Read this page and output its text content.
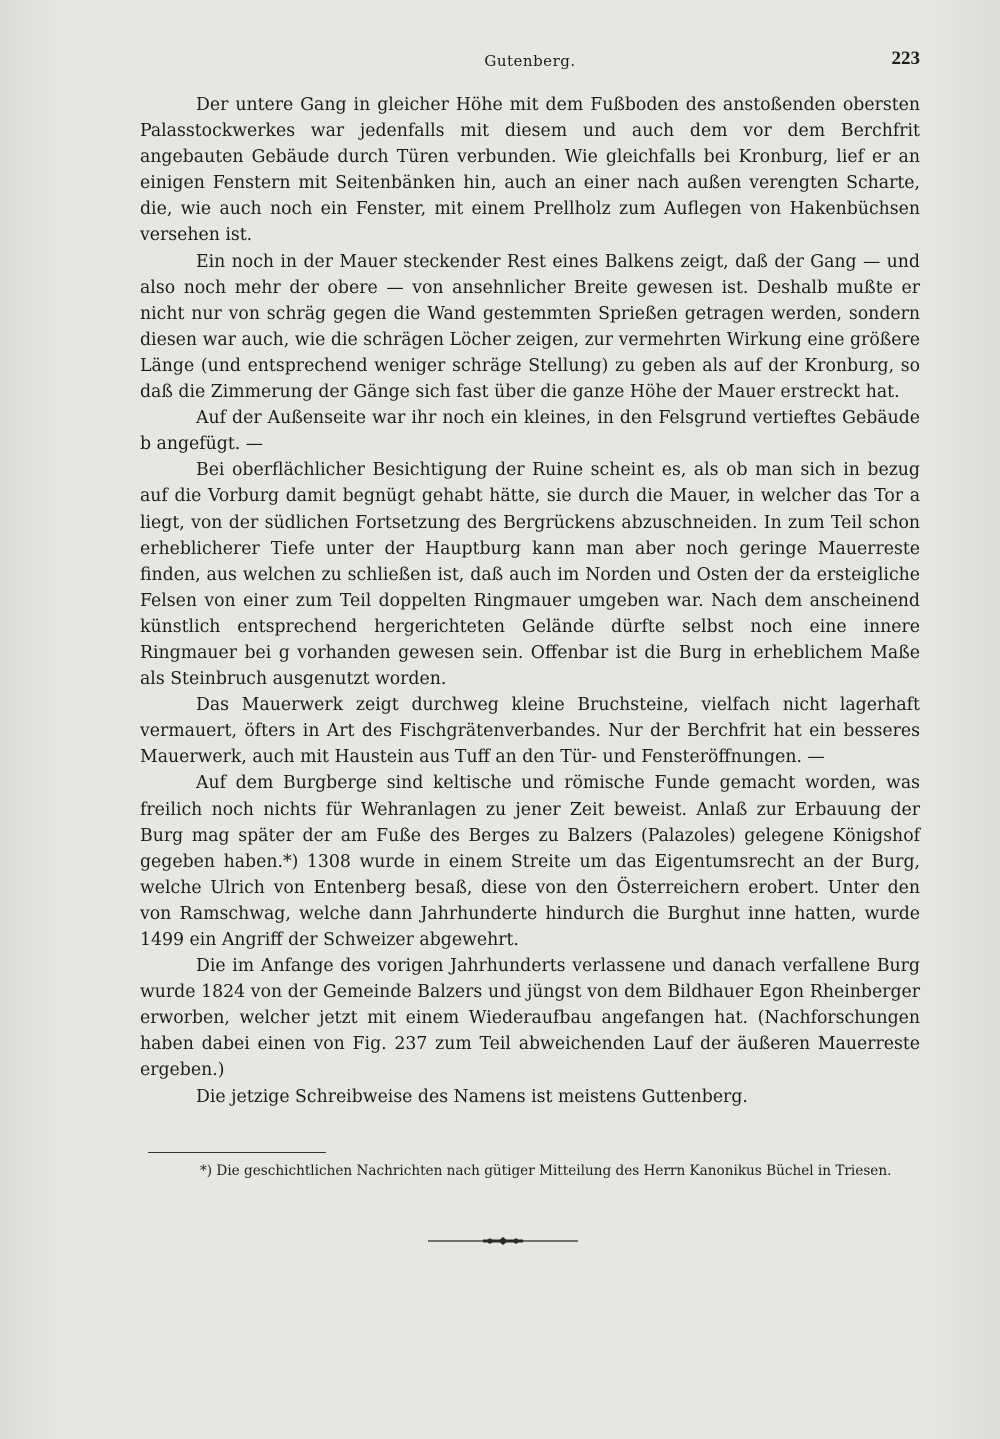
Gutenberg.	223

Der untere Gang in gleicher Höhe mit dem Fußboden des anstoßenden obersten Palasstockwerkes war jedenfalls mit diesem und auch dem vor dem Berchfrit angebauten Gebäude durch Türen verbunden. Wie gleichfalls bei Kronburg, lief er an einigen Fenstern mit Seitenbänken hin, auch an einer nach außen verengten Scharte, die, wie auch noch ein Fenster, mit einem Prellholz zum Auflegen von Hakenbüchsen versehen ist.

Ein noch in der Mauer steckender Rest eines Balkens zeigt, daß der Gang — und also noch mehr der obere — von ansehnlicher Breite gewesen ist. Deshalb mußte er nicht nur von schräg gegen die Wand gestemmten Sprießen getragen werden, sondern diesen war auch, wie die schrägen Löcher zeigen, zur vermehrten Wirkung eine größere Länge (und entsprechend weniger schräge Stellung) zu geben als auf der Kronburg, so daß die Zimmerung der Gänge sich fast über die ganze Höhe der Mauer erstreckt hat.

Auf der Außenseite war ihr noch ein kleines, in den Felsgrund vertieftes Gebäude b angefügt. —

Bei oberflächlicher Besichtigung der Ruine scheint es, als ob man sich in bezug auf die Vorburg damit begnügt gehabt hätte, sie durch die Mauer, in welcher das Tor a liegt, von der südlichen Fortsetzung des Bergrückens abzuschneiden. In zum Teil schon erheblicherer Tiefe unter der Hauptburg kann man aber noch geringe Mauerreste finden, aus welchen zu schließen ist, daß auch im Norden und Osten der da ersteigliche Felsen von einer zum Teil doppelten Ringmauer umgeben war. Nach dem anscheinend künstlich entsprechend hergerichteten Gelände dürfte selbst noch eine innere Ringmauer bei g vorhanden gewesen sein. Offenbar ist die Burg in erheblichem Maße als Steinbruch ausgenutzt worden.

Das Mauerwerk zeigt durchweg kleine Bruchsteine, vielfach nicht lagerhaft vermauert, öfters in Art des Fischgrätenverbandes. Nur der Berchfrit hat ein besseres Mauerwerk, auch mit Haustein aus Tuff an den Tür- und Fensteröffnungen. —

Auf dem Burgberge sind keltische und römische Funde gemacht worden, was freilich noch nichts für Wehranlagen zu jener Zeit beweist. Anlaß zur Erbauung der Burg mag später der am Fuße des Berges zu Balzers (Palazoles) gelegene Königshof gegeben haben.*) 1308 wurde in einem Streite um das Eigentumsrecht an der Burg, welche Ulrich von Entenberg besaß, diese von den Österreichern erobert. Unter den von Ramschwag, welche dann Jahrhunderte hindurch die Burghut inne hatten, wurde 1499 ein Angriff der Schweizer abgewehrt.

Die im Anfange des vorigen Jahrhunderts verlassene und danach verfallene Burg wurde 1824 von der Gemeinde Balzers und jüngst von dem Bildhauer Egon Rheinberger erworben, welcher jetzt mit einem Wiederaufbau angefangen hat. (Nachforschungen haben dabei einen von Fig. 237 zum Teil abweichenden Lauf der äußeren Mauerreste ergeben.)

Die jetzige Schreibweise des Namens ist meistens Guttenberg.

*) Die geschichtlichen Nachrichten nach gütiger Mitteilung des Herrn Kanonikus Büchel in Triesen.
